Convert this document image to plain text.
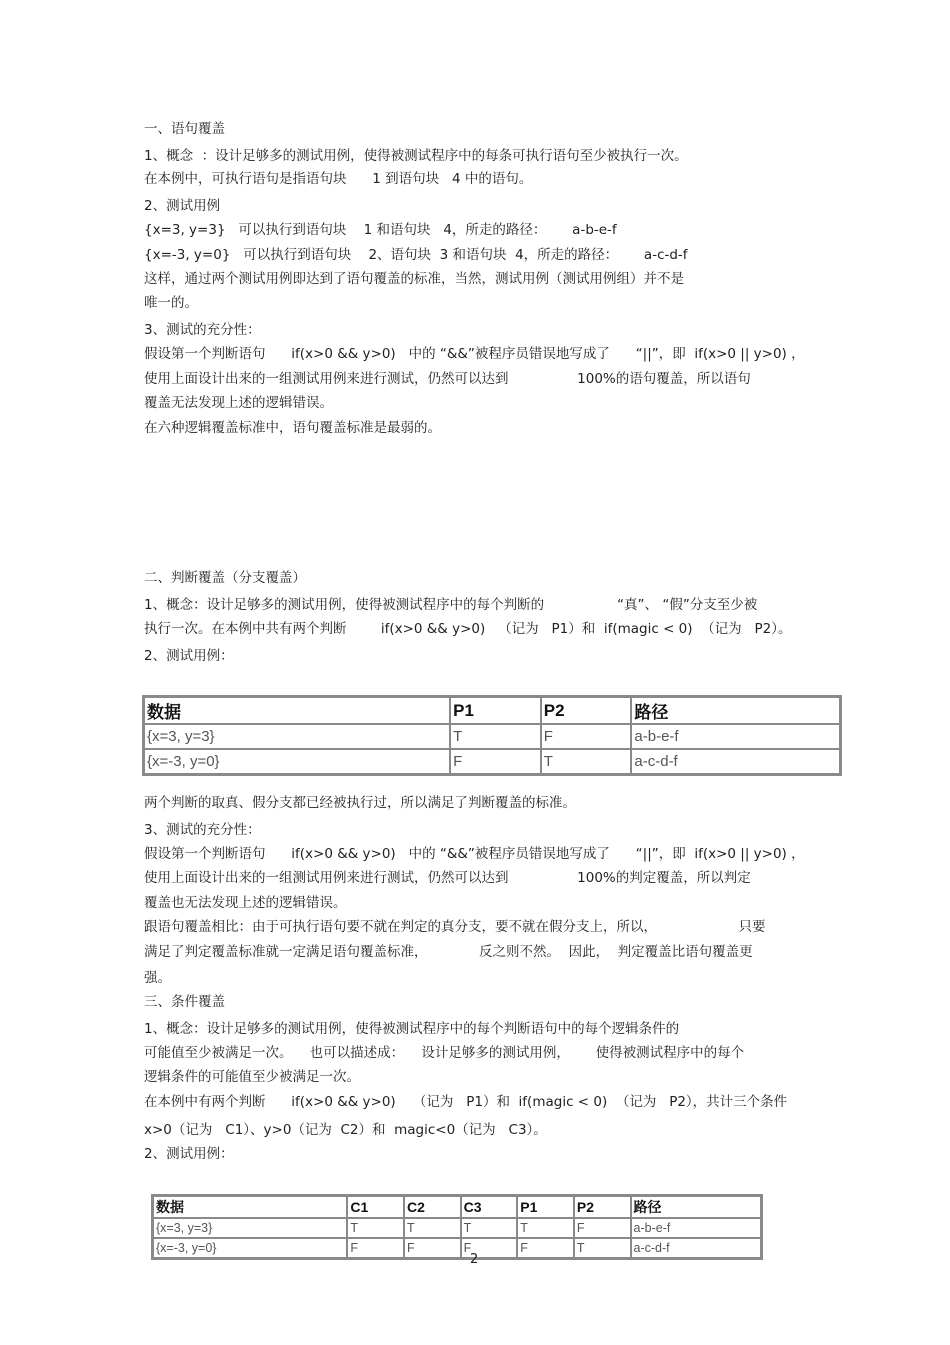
一、语句覆盖
1、概念  ：设计足够多的测试用例，使得被测试程序中的每条可执行语句至少被执行一次。
在本例中，可执行语句是指语句块      1 到语句块   4 中的语句。
2、测试用例
{x=3, y=3}   可以执行到语句块    1 和语句块   4，所走的路径：      a-b-e-f
{x=-3, y=0}   可以执行到语句块    2、语句块  3 和语句块  4，所走的路径：      a-c-d-f
这样，通过两个测试用例即达到了语句覆盖的标准，当然，测试用例（测试用例组）并不是
唯一的。
3、测试的充分性：
假设第一个判断语句      if(x>0 && y>0)   中的 “&&”被程序员错误地写成了      “||”，即  if(x>0 || y>0) ，
使用上面设计出来的一组测试用例来进行测试，仍然可以达到                100%的语句覆盖，所以语句
覆盖无法发现上述的逻辑错误。
在六种逻辑覆盖标准中，语句覆盖标准是最弱的。
二、判断覆盖（分支覆盖）
1、概念：设计足够多的测试用例，使得被测试程序中的每个判断的                 “真”、 “假”分支至少被
执行一次。在本例中共有两个判断        if(x>0 && y>0)   （记为   P1）和  if(magic < 0)  （记为   P2）。
2、测试用例：
数据	P1	P2	路径
{x=3, y=3}	T	F	a-b-e-f
{x=-3, y=0}	F	T	a-c-d-f
两个判断的取真、假分支都已经被执行过，所以满足了判断覆盖的标准。
3、测试的充分性：
假设第一个判断语句      if(x>0 && y>0)   中的 “&&”被程序员错误地写成了      “||”，即  if(x>0 || y>0) ，
使用上面设计出来的一组测试用例来进行测试，仍然可以达到                100%的判定覆盖，所以判定
覆盖也无法发现上述的逻辑错误。
跟语句覆盖相比：由于可执行语句要不就在判定的真分支，要不就在假分支上，所以，                   只要
满足了判定覆盖标准就一定满足语句覆盖标准，            反之则不然。  因此，  判定覆盖比语句覆盖更
强。
三、条件覆盖
1、概念：设计足够多的测试用例，使得被测试程序中的每个判断语句中的每个逻辑条件的
可能值至少被满足一次。    也可以描述成：    设计足够多的测试用例，      使得被测试程序中的每个
逻辑条件的可能值至少被满足一次。
在本例中有两个判断      if(x>0 && y>0)    （记为   P1）和  if(magic < 0)  （记为   P2），共计三个条件
x>0（记为   C1）、y>0（记为  C2）和  magic<0（记为   C3）。
2、测试用例：
数据	C1	C2	C3	P1	P2	路径
{x=3, y=3}	T	T	T	T	F	a-b-e-f
{x=-3, y=0}	F	F	F	F	T	a-c-d-f
2
